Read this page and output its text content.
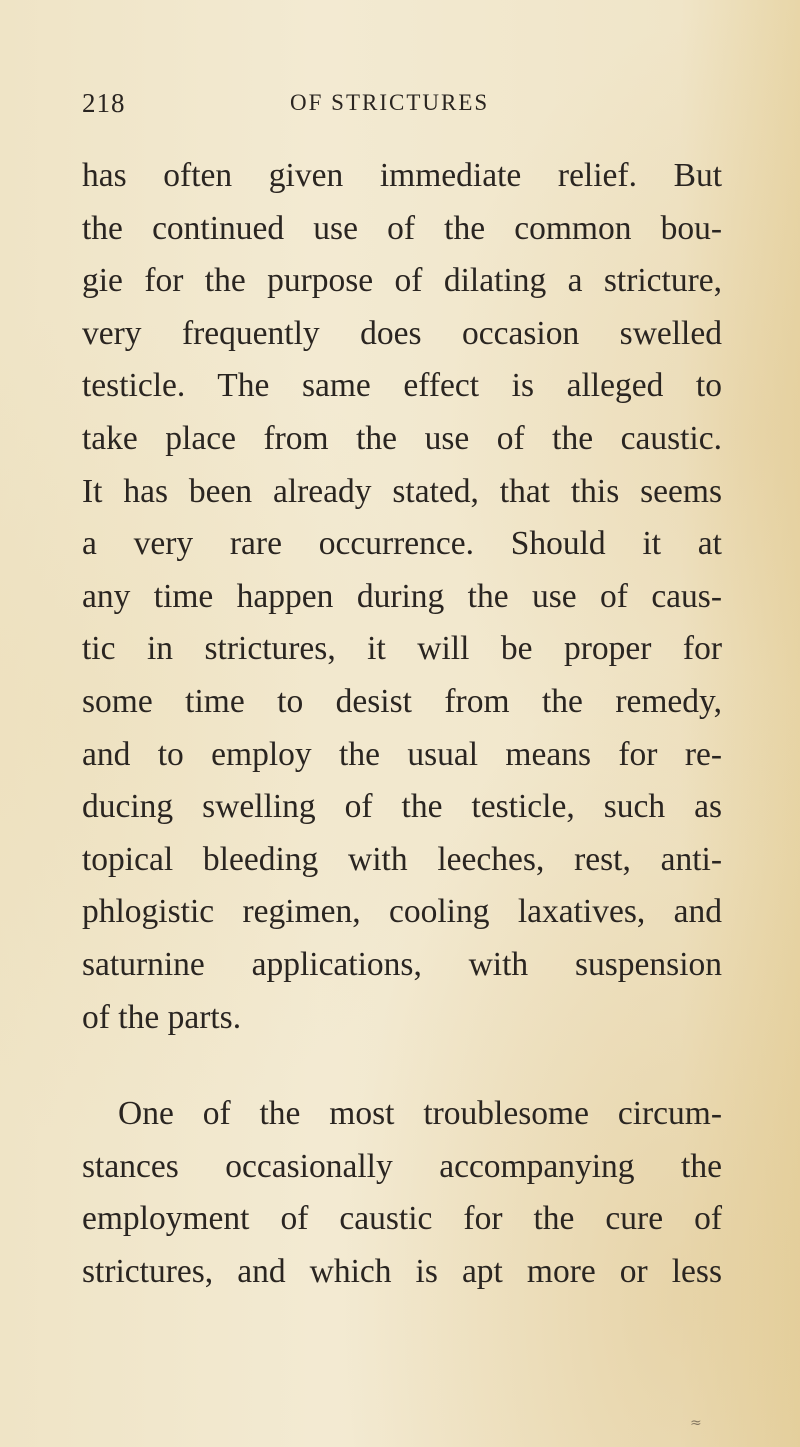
218	OF STRICTURES
has often given immediate relief. But
the continued use of the common bou-
gie for the purpose of dilating a stricture,
very frequently does occasion swelled
testicle. The same effect is alleged to
take place from the use of the caustic.
It has been already stated, that this seems
a very rare occurrence. Should it at
any time happen during the use of caus-
tic in strictures, it will be proper for
some time to desist from the remedy,
and to employ the usual means for re-
ducing swelling of the testicle, such as
topical bleeding with leeches, rest, anti-
phlogistic regimen, cooling laxatives, and
saturnine applications, with suspension
of the parts.
One of the most troublesome circum-
stances occasionally accompanying the
employment of caustic for the cure of
strictures, and which is apt more or less
≈
